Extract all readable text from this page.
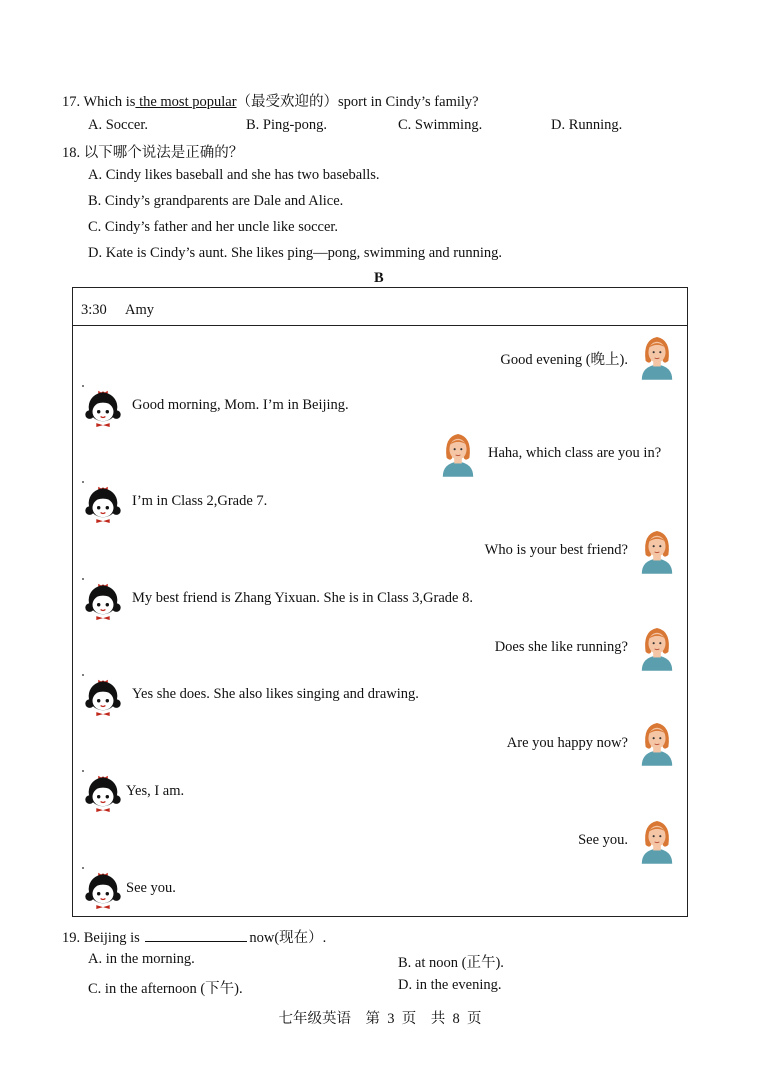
17. Which is the most popular（最受欢迎的）sport in Cindy’s family?
A. Soccer.	B. Ping-pong.	C. Swimming.	D. Running.
18. 以下哪个说法是正确的？
A. Cindy likes baseball and she has two baseballs.
B. Cindy’s grandparents are Dale and Alice.
C. Cindy’s father and her uncle like soccer.
D. Kate is Cindy’s aunt. She likes ping—pong, swimming and running.
B
3:30 Amy
Good evening (晚上).
Good morning, Mom. I’m in Beijing.
Haha, which class are you in?
I’m in Class 2,Grade 7.
Who is your best friend?
My best friend is Zhang Yixuan. She is in Class 3,Grade 8.
Does she like running?
Yes she does. She also likes singing and drawing.
Are you happy now?
Yes, I am.
See you.
See you.
19. Beijing is	now(现在）.
A. in the morning.	B. at noon (正午).
C. in the afternoon (下午).	D. in the evening.
七年级英语    第  3  页    共  8  页
